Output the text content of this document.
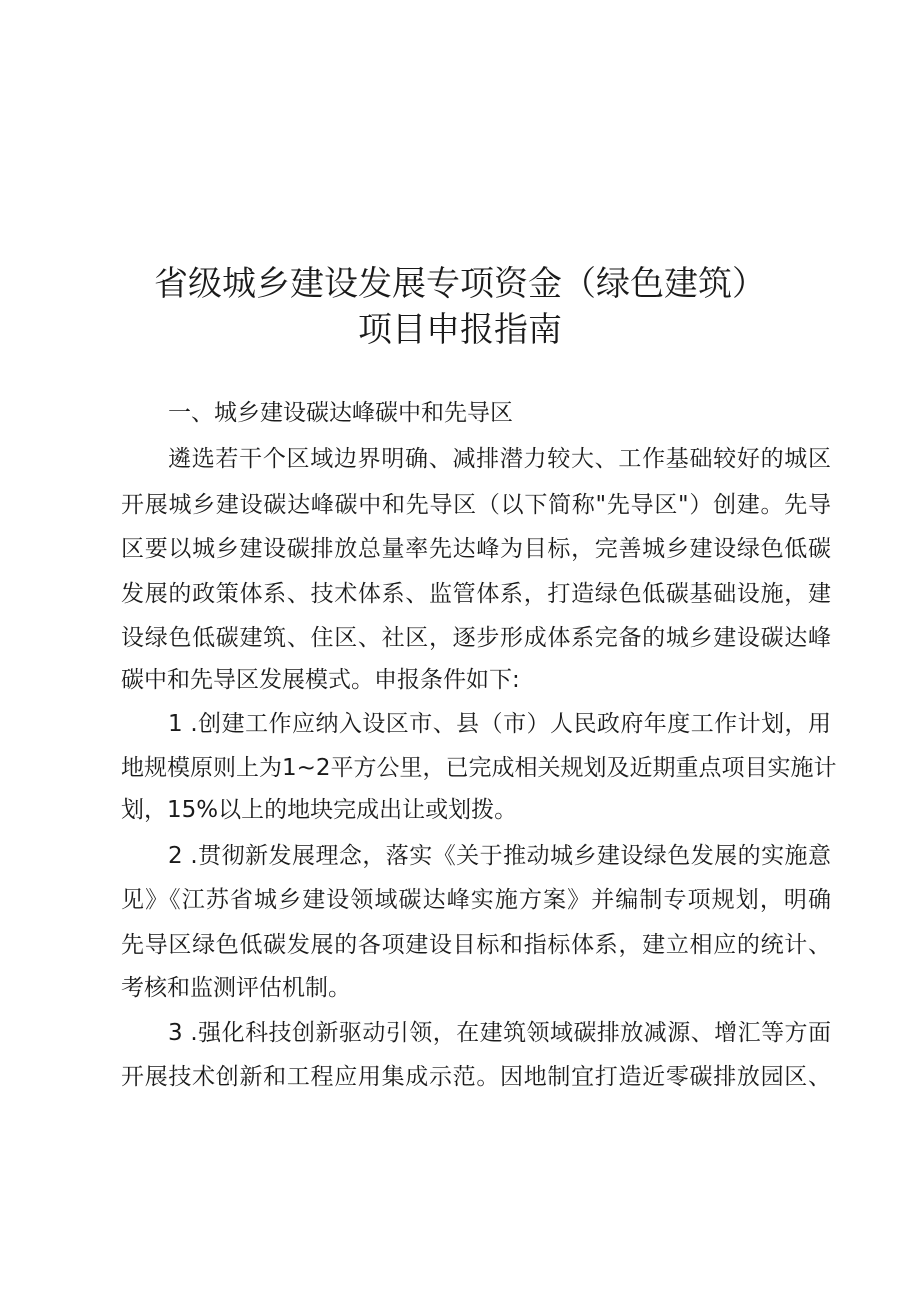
省级城乡建设发展专项资金（绿色建筑）
项目申报指南
一、城乡建设碳达峰碳中和先导区
遴选若干个区域边界明确、减排潜力较大、工作基础较好的城区
开展城乡建设碳达峰碳中和先导区（以下简称"先导区"）创建。先导
区要以城乡建设碳排放总量率先达峰为目标，完善城乡建设绿色低碳
发展的政策体系、技术体系、监管体系，打造绿色低碳基础设施，建
设绿色低碳建筑、住区、社区，逐步形成体系完备的城乡建设碳达峰
碳中和先导区发展模式。申报条件如下:
1 .创建工作应纳入设区市、县（市）人民政府年度工作计划，用
地规模原则上为1~2平方公里，已完成相关规划及近期重点项目实施计
划，15%以上的地块完成出让或划拨。
2 .贯彻新发展理念，落实《关于推动城乡建设绿色发展的实施意
见》《江苏省城乡建设领域碳达峰实施方案》并编制专项规划，明确
先导区绿色低碳发展的各项建设目标和指标体系，建立相应的统计、
考核和监测评估机制。
3 .强化科技创新驱动引领，在建筑领域碳排放减源、增汇等方面
开展技术创新和工程应用集成示范。因地制宜打造近零碳排放园区、
